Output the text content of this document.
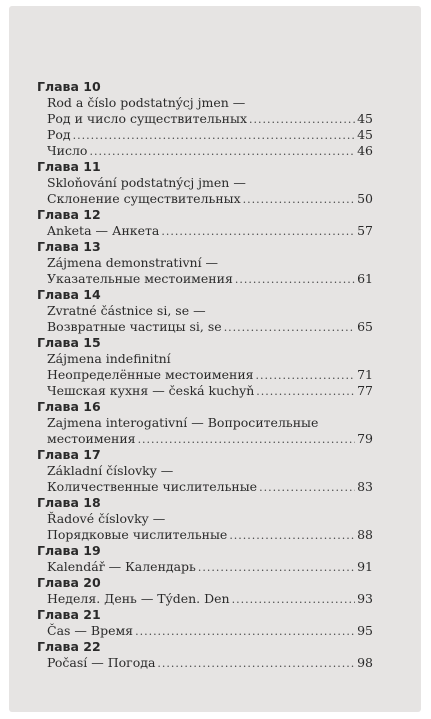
Глава 10
Rod a číslo podstatnýcj jmen —
Род и число существительных .....	45
Род .....	45
Число .....	46
Глава 11
Skloňování podstatnýcj jmen —
Склонение существительных .....	50
Глава 12
Anketa — Анкета .....	57
Глава 13
Zájmena demonstrativní —
Указательные местоимения .....	61
Глава 14
Zvratné částnice si, se —
Возвратные частицы si, se .....	65
Глава 15
Zájmena indefinitní
Неопределённые местоимения .....	71
Чешская кухня — česká kuchyň .....	77
Глава 16
Zajmena interogativní — Вопросительные
местоимения .....	79
Глава 17
Základní číslovky —
Количественные числительные .....	83
Глава 18
Řadové číslovky —
Порядковые числительные .....	88
Глава 19
Kalendář — Календарь .....	91
Глава 20
Неделя. День — Týden. Den .....	93
Глава 21
Čas — Время .....	95
Глава 22
Počasí — Погода .....	98
